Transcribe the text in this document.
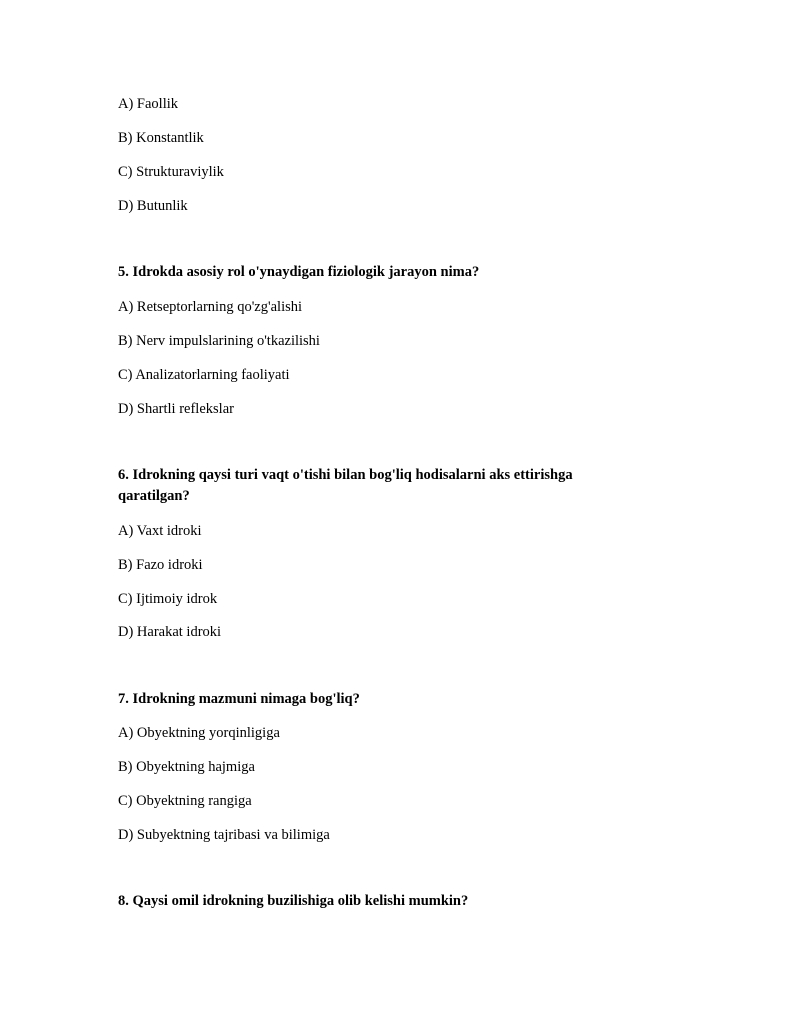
A) Faollik
B) Konstantlik
C) Strukturaviylik
D) Butunlik
5. Idrokda asosiy rol o'ynaydigan fiziologik jarayon nima?
A) Retseptorlarning qo'zg'alishi
B) Nerv impulslarining o'tkazilishi
C) Analizatorlarning faoliyati
D) Shartli reflekslar
6. Idrokning qaysi turi vaqt o'tishi bilan bog'liq hodisalarni aks ettirishga qaratilgan?
A) Vaxt idroki
B) Fazo idroki
C) Ijtimoiy idrok
D) Harakat idroki
7. Idrokning mazmuni nimaga bog'liq?
A) Obyektning yorqinligiga
B) Obyektning hajmiga
C) Obyektning rangiga
D) Subyektning tajribasi va bilimiga
8. Qaysi omil idrokning buzilishiga olib kelishi mumkin?
